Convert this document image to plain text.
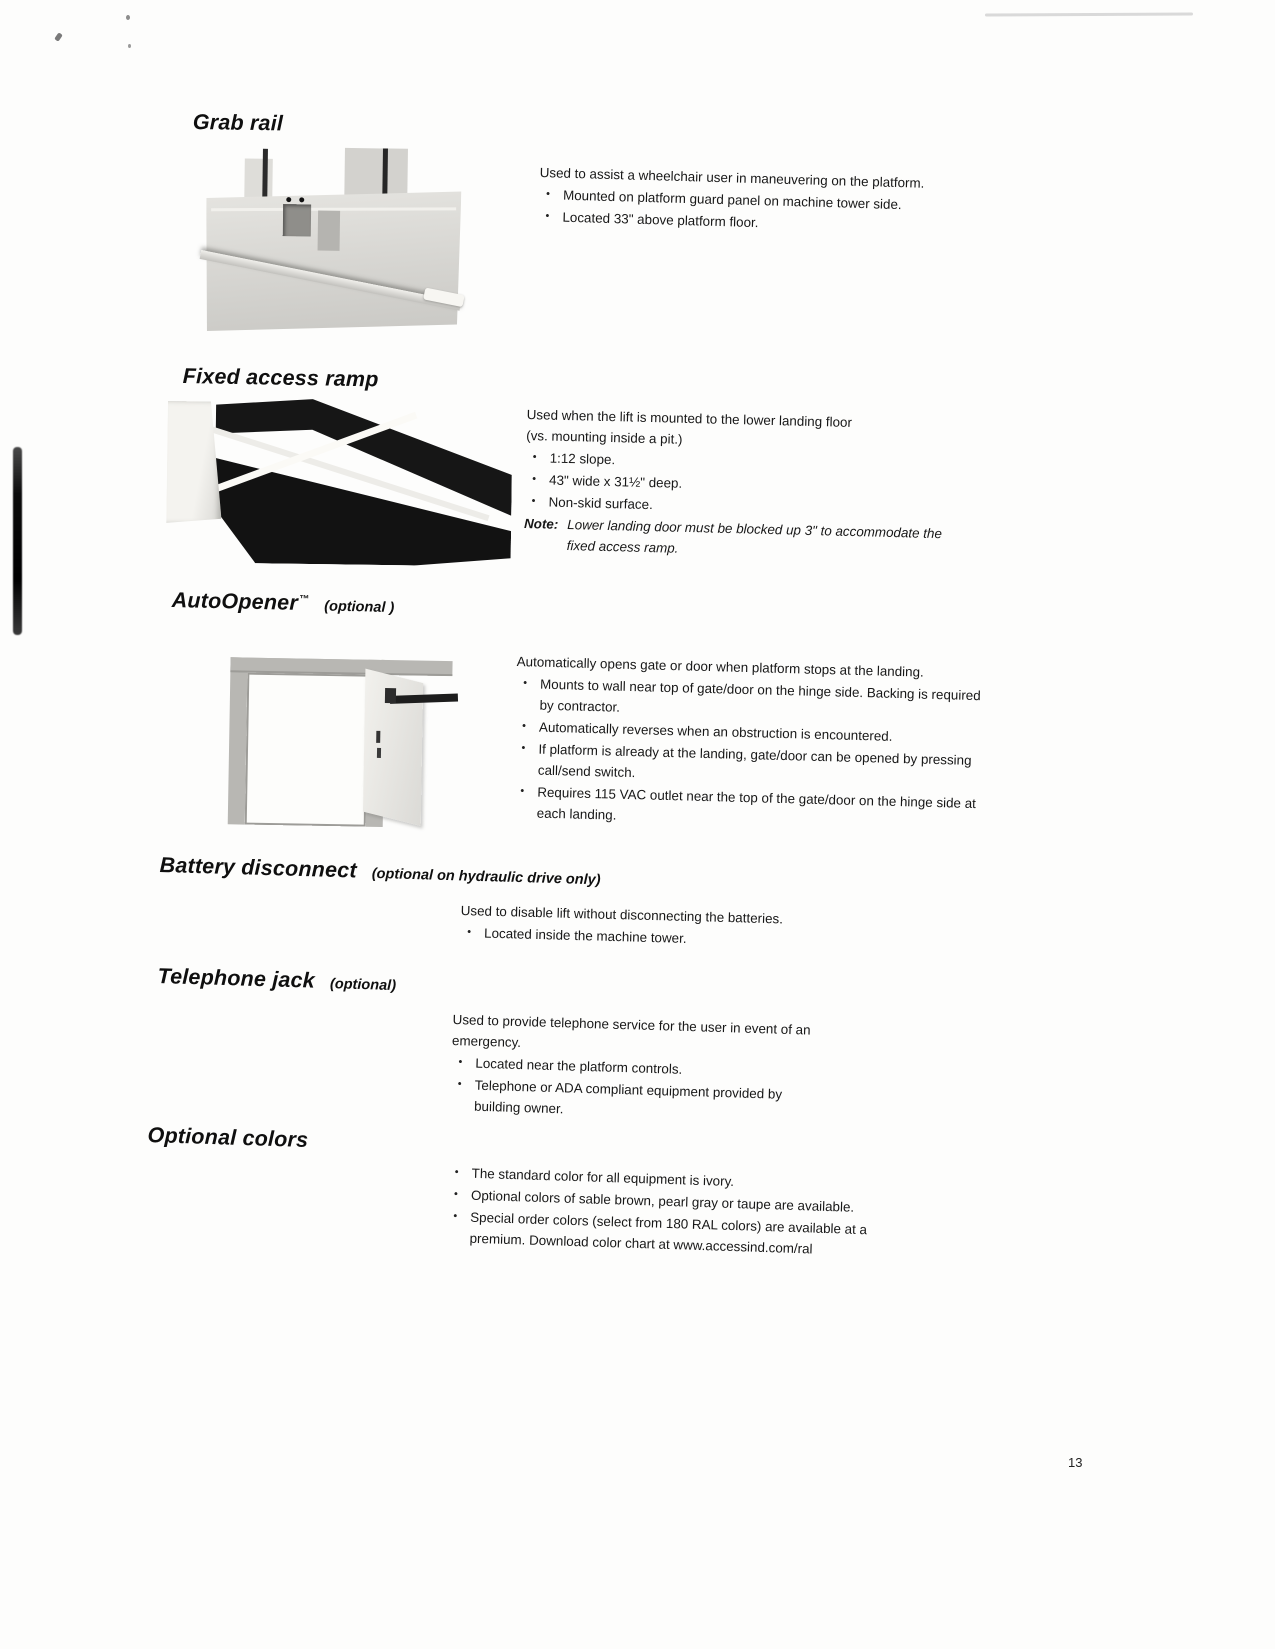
Grab rail

Used to assist a wheelchair user in maneuvering on the platform.

• Mounted on platform guard panel on machine tower side.
• Located 33" above platform floor.
Fixed access ramp

Used when the lift is mounted to the lower landing floor
(vs. mounting inside a pit.)

• 1:12 slope.
• 43" wide x 31½" deep.
• Non-skid surface.
Note: Lower landing door must be blocked up 3" to accommodate the
fixed access ramp.
AutoOpener™ (optional )

Automatically opens gate or door when platform stops at the landing.

• Mounts to wall near top of gate/door on the hinge side. Backing is required
by contractor.
• Automatically reverses when an obstruction is encountered.
• If platform is already at the landing, gate/door can be opened by pressing
call/send switch.
• Requires 115 VAC outlet near the top of the gate/door on the hinge side at
each landing.
Battery disconnect (optional on hydraulic drive only)

Used to disable lift without disconnecting the batteries.

• Located inside the machine tower.
Telephone jack (optional)

Used to provide telephone service for the user in event of an
emergency.

• Located near the platform controls.
• Telephone or ADA compliant equipment provided by
building owner.
Optional colors
• The standard color for all equipment is ivory.
• Optional colors of sable brown, pearl gray or taupe are available.
• Special order colors (select from 180 RAL colors) are available at a
premium. Download color chart at www.accessind.com/ral
13
